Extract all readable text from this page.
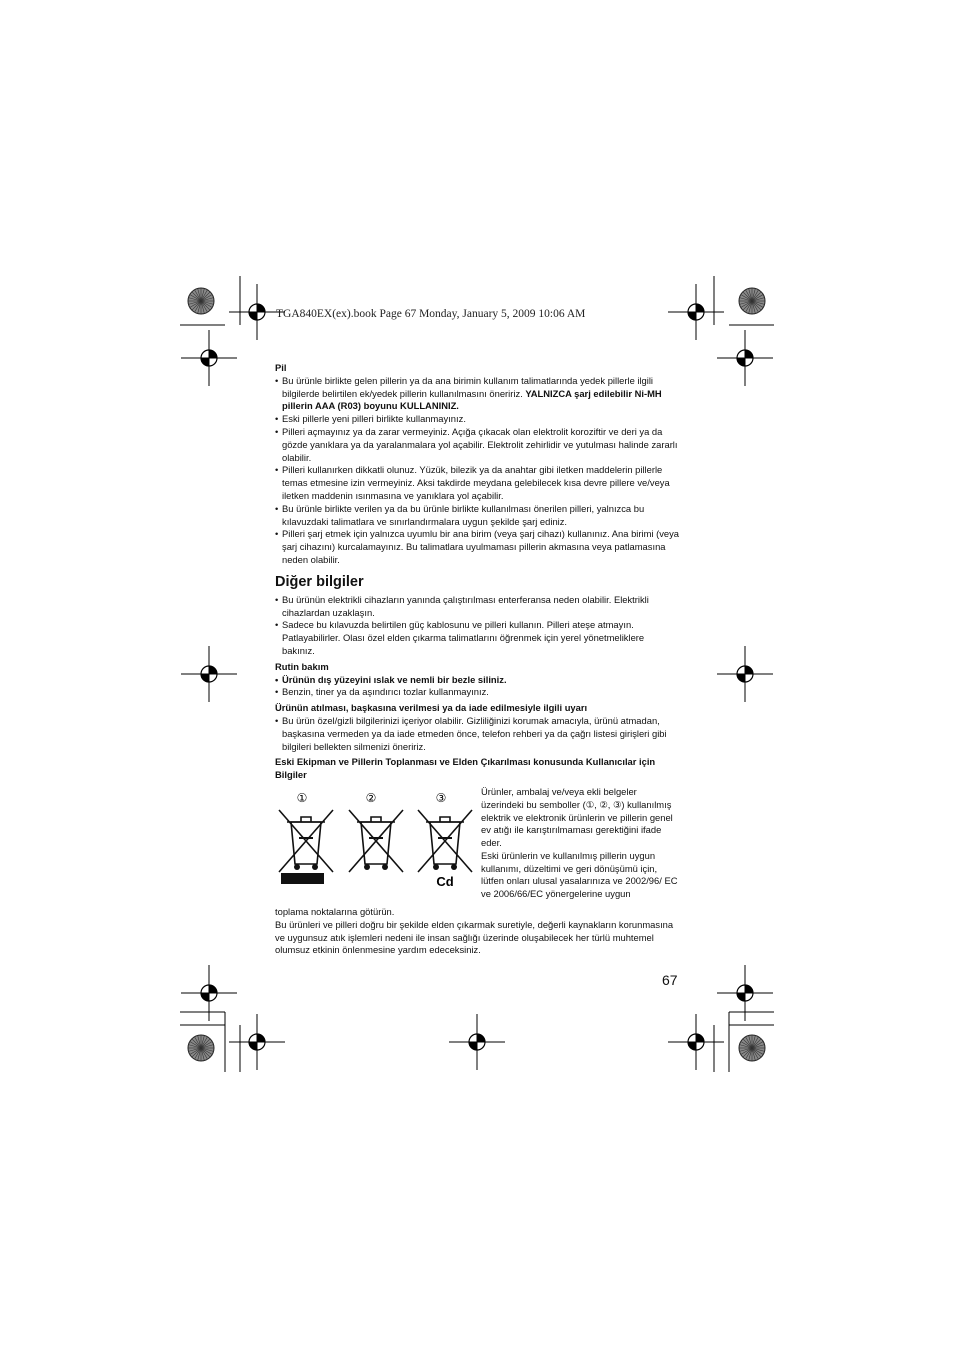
TGA840EX(ex).book Page 67 Monday, January 5, 2009 10:06 AM

Pil

• Bu ürünle birlikte gelen pillerin ya da ana birimin kullanım talimatlarında yedek pillerle ilgili bilgilerde belirtilen ek/yedek pillerin kullanılmasını öneririz. YALNIZCA şarj edilebilir Ni-MH pillerin AAA (R03) boyunu KULLANINIZ.
• Eski pillerle yeni pilleri birlikte kullanmayınız.
• Pilleri açmayınız ya da zarar vermeyiniz. Açığa çıkacak olan elektrolit koroziftir ve deri ya da gözde yanıklara ya da yaralanmalara yol açabilir. Elektrolit zehirlidir ve yutulması halinde zararlı olabilir.
• Pilleri kullanırken dikkatli olunuz. Yüzük, bilezik ya da anahtar gibi iletken maddelerin pillerle temas etmesine izin vermeyiniz. Aksi takdirde meydana gelebilecek kısa devre pillere ve/veya iletken maddenin ısınmasına ve yanıklara yol açabilir.
• Bu ürünle birlikte verilen ya da bu ürünle birlikte kullanılması önerilen pilleri, yalnızca bu kılavuzdaki talimatlara ve sınırlandırmalara uygun şekilde şarj ediniz.
• Pilleri şarj etmek için yalnızca uyumlu bir ana birim (veya şarj cihazı) kullanınız. Ana birimi (veya şarj cihazını) kurcalamayınız. Bu talimatlara uyulmaması pillerin akmasına veya patlamasına neden olabilir.
Diğer bilgiler
• Bu ürünün elektrikli cihazların yanında çalıştırılması enterferansa neden olabilir. Elektrikli cihazlardan uzaklaşın.
• Sadece bu kılavuzda belirtilen güç kablosunu ve pilleri kullanın. Pilleri ateşe atmayın. Patlayabilirler. Olası özel elden çıkarma talimatlarını öğrenmek için yerel yönetmeliklere bakınız.

Rutin bakım

• Ürünün dış yüzeyini ıslak ve nemli bir bezle siliniz.
• Benzin, tiner ya da aşındırıcı tozlar kullanmayınız.

Ürünün atılması, başkasına verilmesi ya da iade edilmesiyle ilgili uyarı

• Bu ürün özel/gizli bilgilerinizi içeriyor olabilir. Gizliliğinizi korumak amacıyla, ürünü atmadan, başkasına vermeden ya da iade etmeden önce, telefon rehberi ya da çağrı listesi girişleri gibi bilgileri bellekten silmenizi öneririz.

Eski Ekipman ve Pillerin Toplanması ve Elden Çıkarılması konusunda Kullanıcılar için Bilgiler

①	②	③
Cd
Ürünler, ambalaj ve/veya ekli belgeler üzerindeki bu semboller (①, ②, ③) kullanılmış elektrik ve elektronik ürünlerin ve pillerin genel ev atığı ile karıştırılmaması gerektiğini ifade eder.
Eski ürünlerin ve kullanılmış pillerin uygun kullanımı, düzeltimi ve geri dönüşümü için, lütfen onları ulusal yasalarınıza ve 2002/96/ EC ve 2006/66/EC yönergelerine uygun

toplama noktalarına götürün.

Bu ürünleri ve pilleri doğru bir şekilde elden çıkarmak suretiyle, değerli kaynakların korunmasına ve uygunsuz atık işlemleri nedeni ile insan sağlığı üzerinde oluşabilecek her türlü muhtemel olumsuz etkinin önlenmesine yardım edeceksiniz.

67
